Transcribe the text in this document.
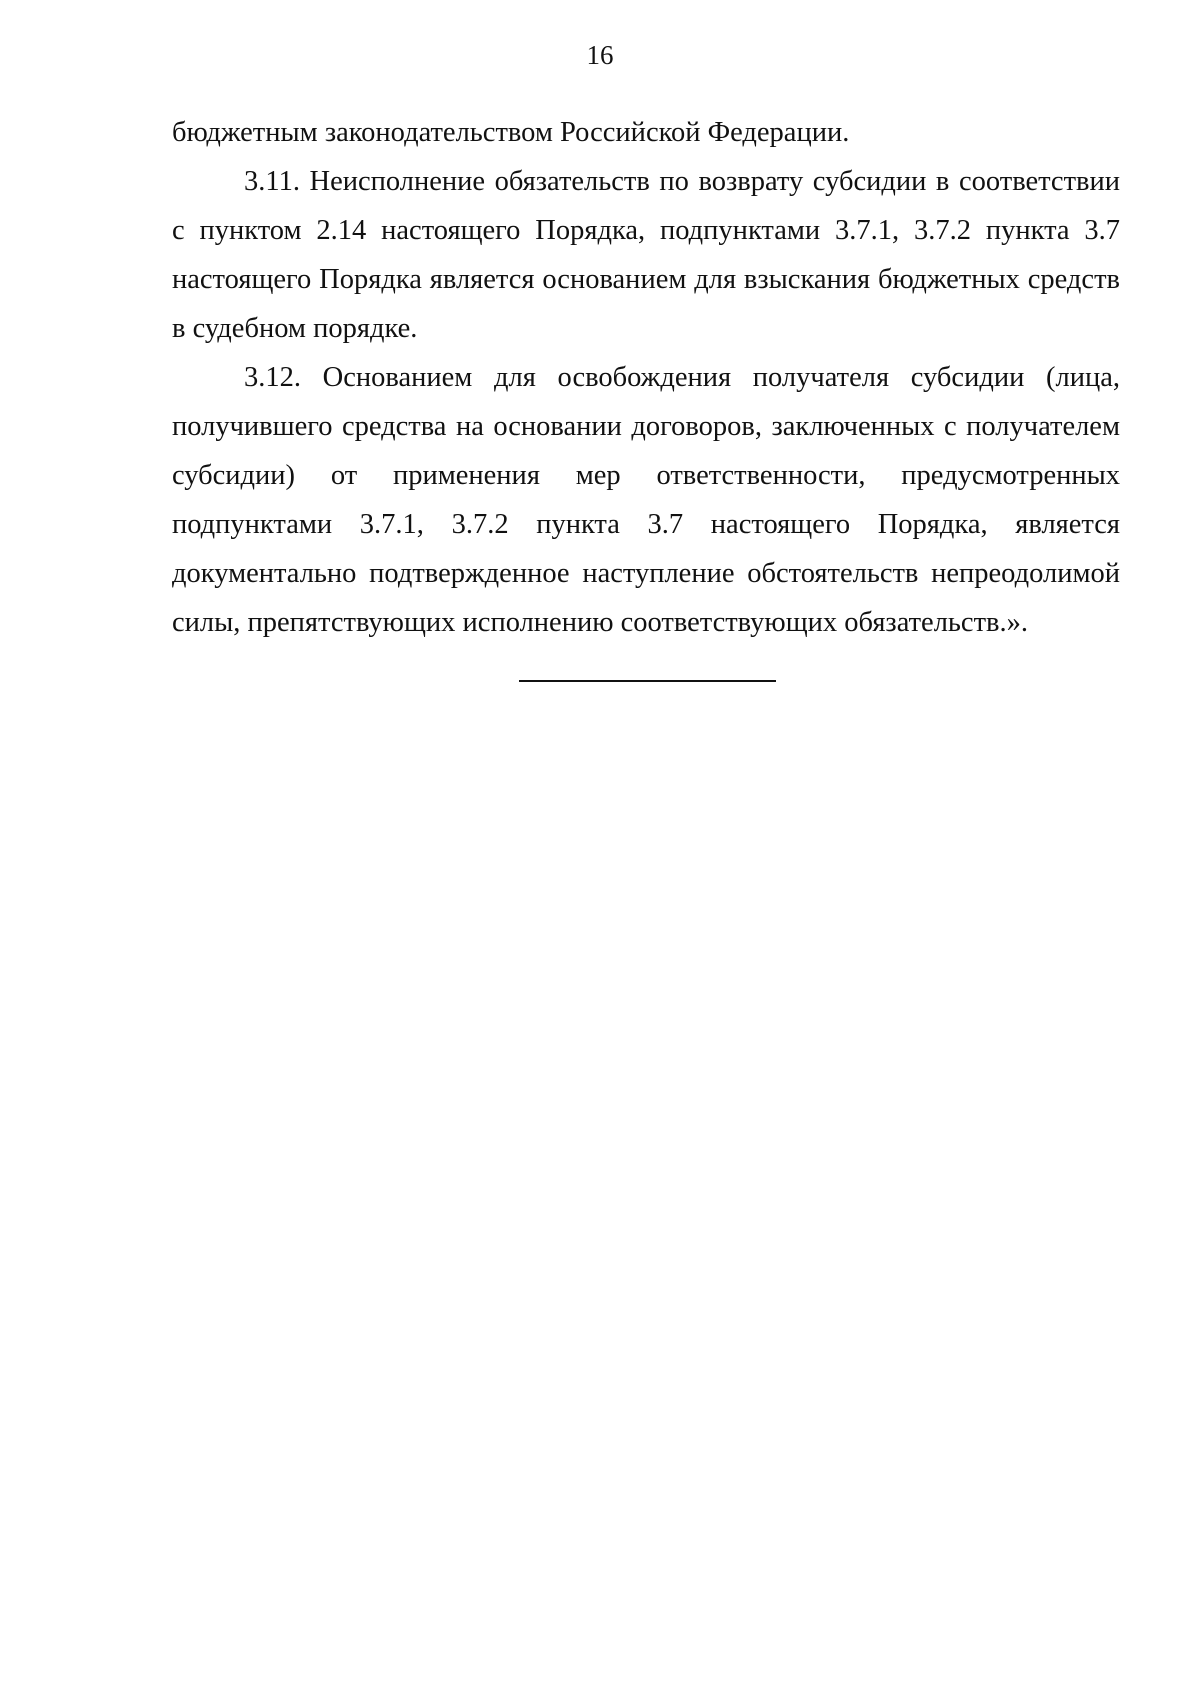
16

бюджетным законодательством Российской Федерации.

3.11. Неисполнение обязательств по возврату субсидии в соответствии с пунктом 2.14 настоящего Порядка, подпунктами 3.7.1, 3.7.2 пункта 3.7 настоящего Порядка является основанием для взыскания бюджетных средств в судебном порядке.

3.12. Основанием для освобождения получателя субсидии (лица, получившего средства на основании договоров, заключенных с получателем субсидии) от применения мер ответственности, предусмотренных подпунктами 3.7.1, 3.7.2 пункта 3.7 настоящего Порядка, является документально подтвержденное наступление обстоятельств непреодолимой силы, препятствующих исполнению соответствующих обязательств.».
